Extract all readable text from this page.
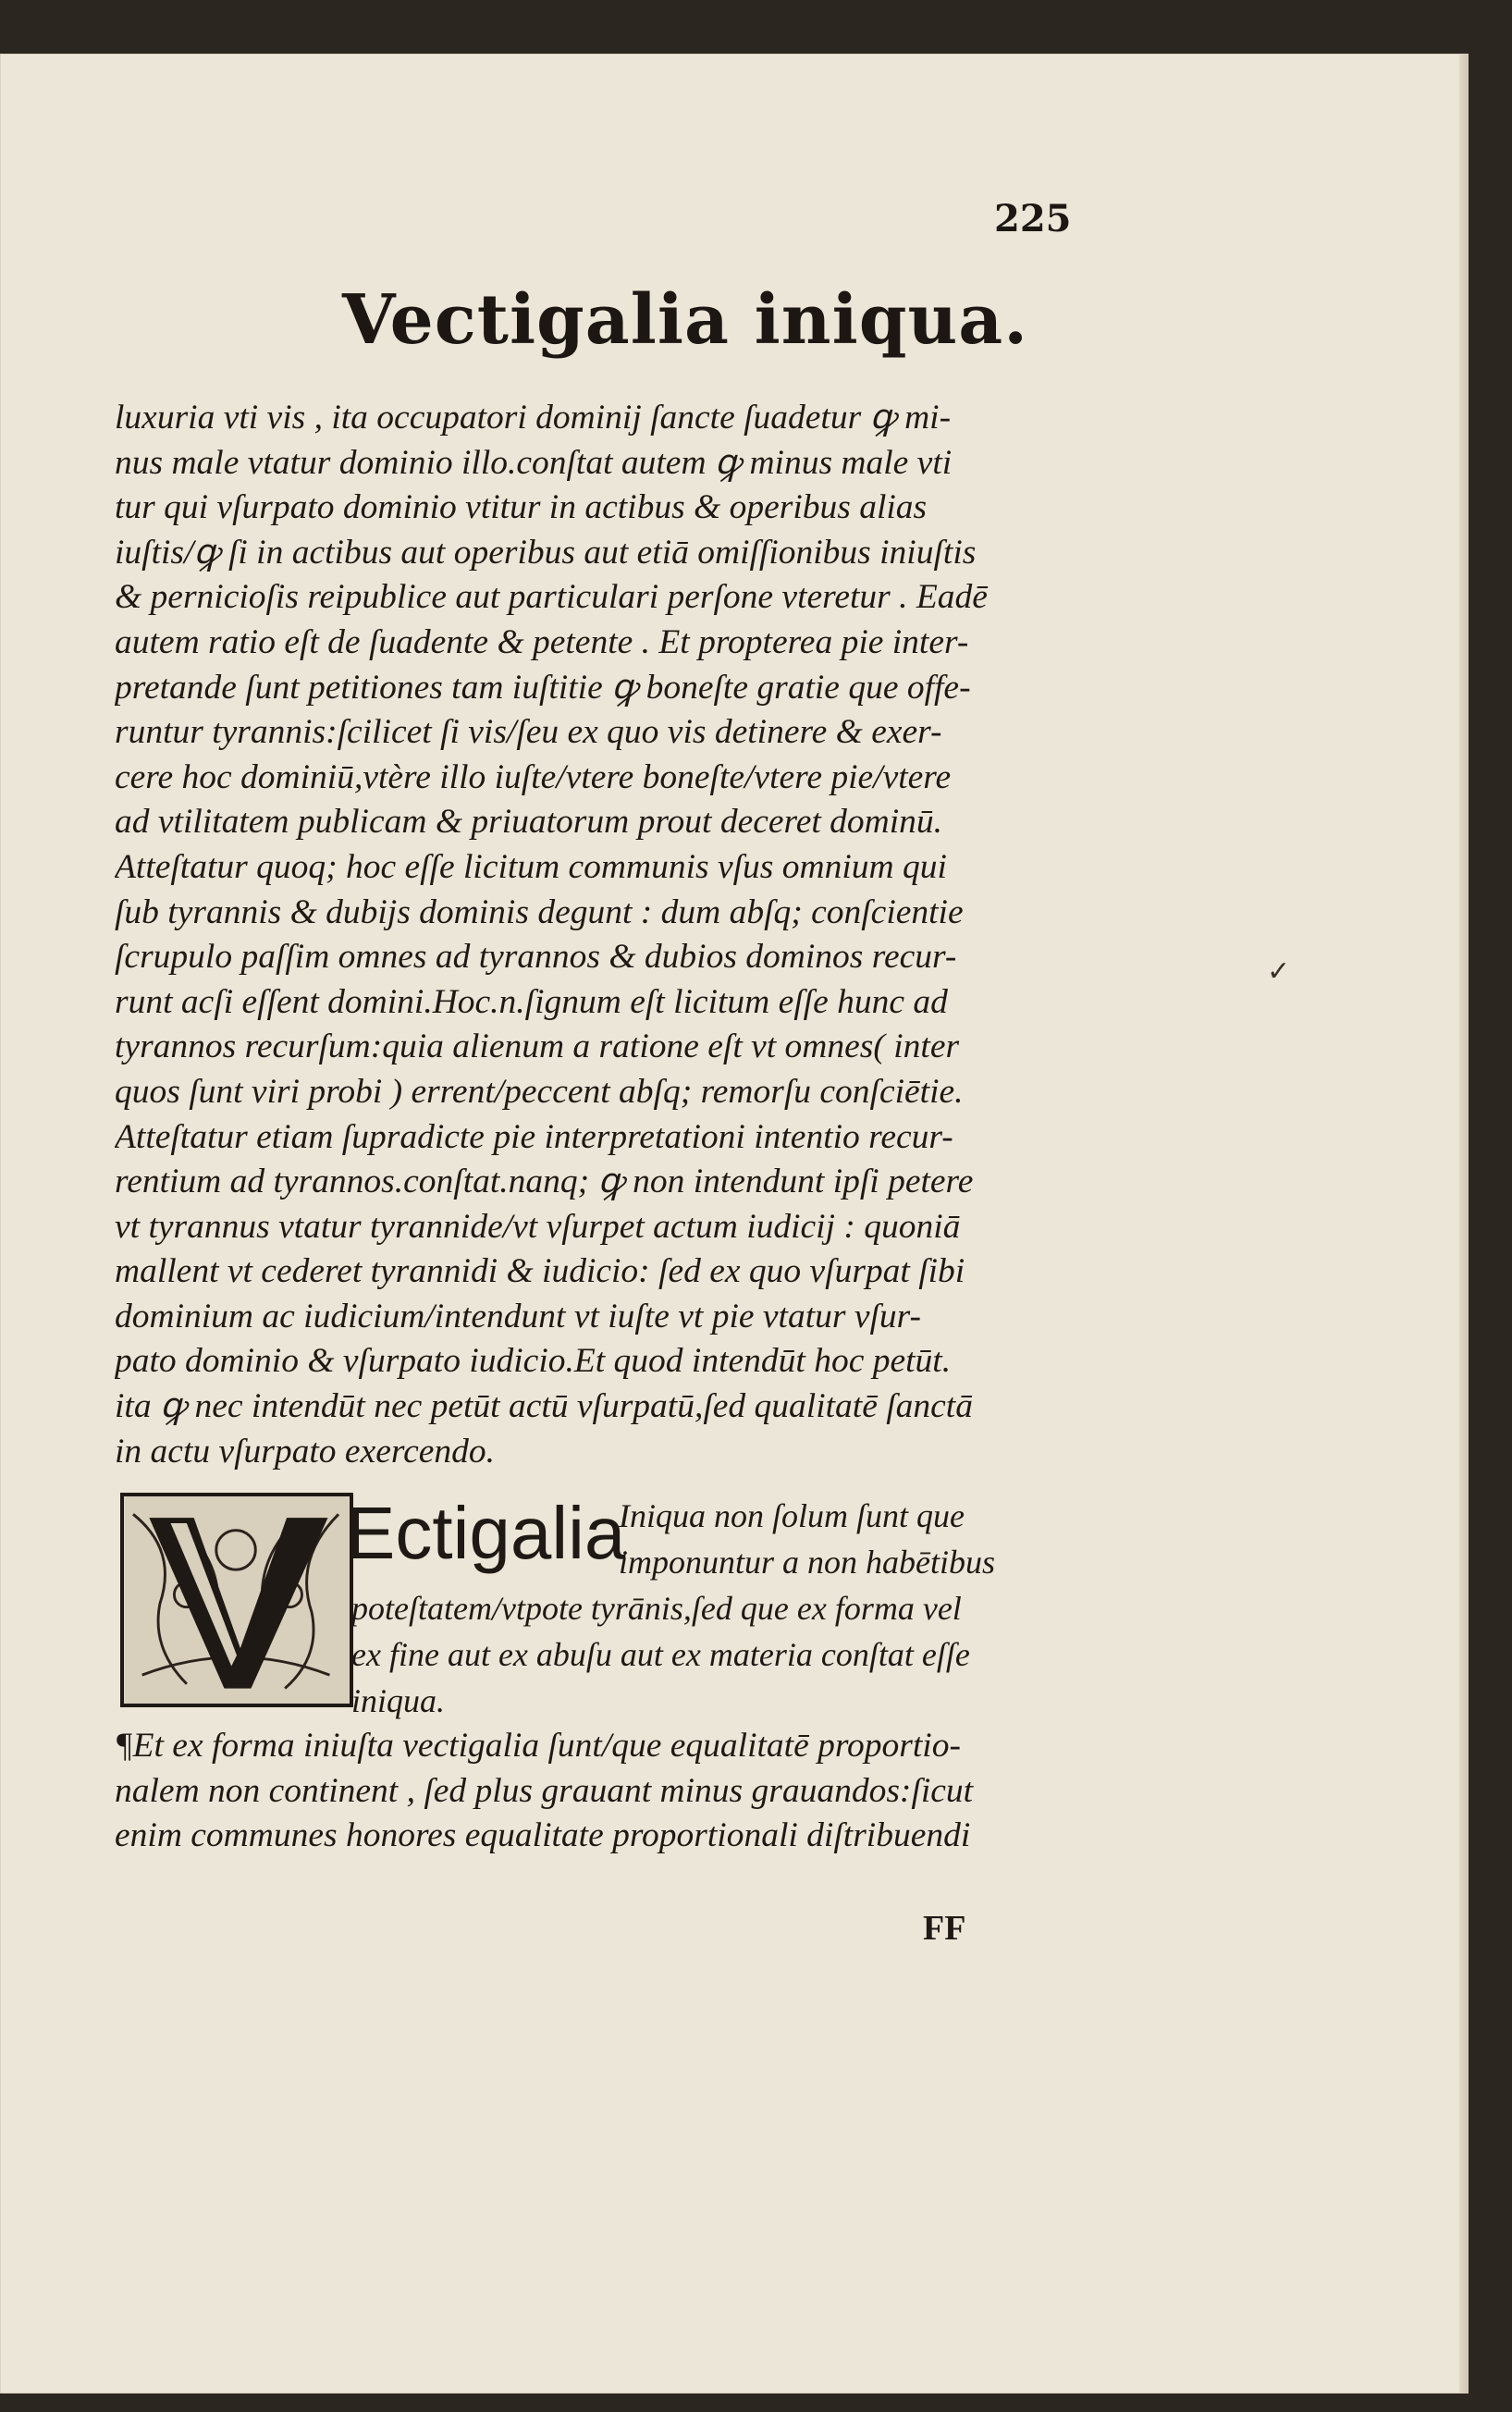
225
Vectigalia iniqua.
luxuria vti vis , ita occupatori dominij ſancte ſuadetur ꝙ mi-
nus male vtatur dominio illo.conſtat autem ꝙ minus male vti
tur qui vſurpato dominio vtitur in actibus & operibus alias
iuſtis/ꝙ ſi in actibus aut operibus aut etiā omiſſionibus iniuſtis
& pernicioſis reipublice aut particulari perſone vteretur . Eadē
autem ratio eſt de ſuadente & petente . Et propterea pie inter-
pretande ſunt petitiones tam iuſtitie ꝙ boneſte gratie que offe-
runtur tyrannis:ſcilicet ſi vis/ſeu ex quo vis detinere & exer-
cere hoc dominiū,vtère illo iuſte/vtere boneſte/vtere pie/vtere
ad vtilitatem publicam & priuatorum prout deceret dominū.
Atteſtatur quoq; hoc eſſe licitum communis vſus omnium qui
ſub tyrannis & dubijs dominis degunt : dum abſq; conſcientie
ſcrupulo paſſim omnes ad tyrannos & dubios dominos recur-
runt acſi eſſent domini.Hoc.n.ſignum eſt licitum eſſe hunc ad
tyrannos recurſum:quia alienum a ratione eſt vt omnes( inter
quos ſunt viri probi ) errent/peccent abſq; remorſu conſciētie.
Atteſtatur etiam ſupradicte pie interpretationi intentio recur-
rentium ad tyrannos.conſtat.nanq; ꝙ non intendunt ipſi petere
vt tyrannus vtatur tyrannide/vt vſurpet actum iudicij : quoniā
mallent vt cederet tyrannidi & iudicio: ſed ex quo vſurpat ſibi
dominium ac iudicium/intendunt vt iuſte vt pie vtatur vſur-
pato dominio & vſurpato iudicio.Et quod intendūt hoc petūt.
ita ꝙ nec intendūt nec petūt actū vſurpatū,ſed qualitatē ſanctā
in actu vſurpato exercendo.
Ectigalia
Iniqua non ſolum ſunt que
imponuntur a non habētibus
poteſtatem/vtpote tyrānis,ſed que ex forma vel
ex fine aut ex abuſu aut ex materia conſtat eſſe
iniqua.
¶Et ex forma iniuſta vectigalia ſunt/que equalitatē proportio-
nalem non continent , ſed plus grauant minus grauandos:ſicut
enim communes honores equalitate proportionali diſtribuendi
FF
✓
